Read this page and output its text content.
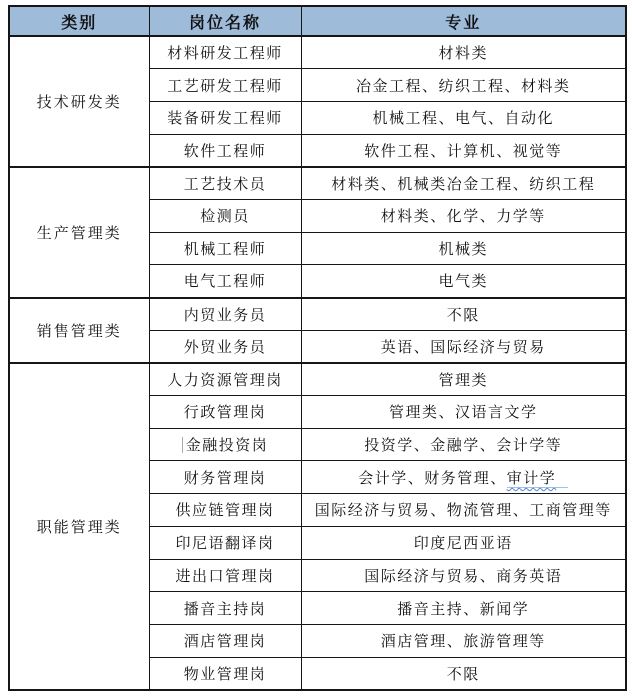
类别	岗位名称	专业
技术研发类	材料研发工程师	材料类
	工艺研发工程师	冶金工程、纺织工程、材料类
	装备研发工程师	机械工程、电气、自动化
	软件工程师	软件工程、计算机、视觉等
生产管理类	工艺技术员	材料类、机械类冶金工程、纺织工程
	检测员	材料类、化学、力学等
	机械工程师	机械类
	电气工程师	电气类
销售管理类	内贸业务员	不限
	外贸业务员	英语、国际经济与贸易
职能管理类	人力资源管理岗	管理类
	行政管理岗	管理类、汉语言文学
	金融投资岗	投资学、金融学、会计学等
	财务管理岗	会计学、财务管理、审计学
	供应链管理岗	国际经济与贸易、物流管理、工商管理等
	印尼语翻译岗	印度尼西亚语
	进出口管理岗	国际经济与贸易、商务英语
	播音主持岗	播音主持、新闻学
	酒店管理岗	酒店管理、旅游管理等
	物业管理岗	不限
